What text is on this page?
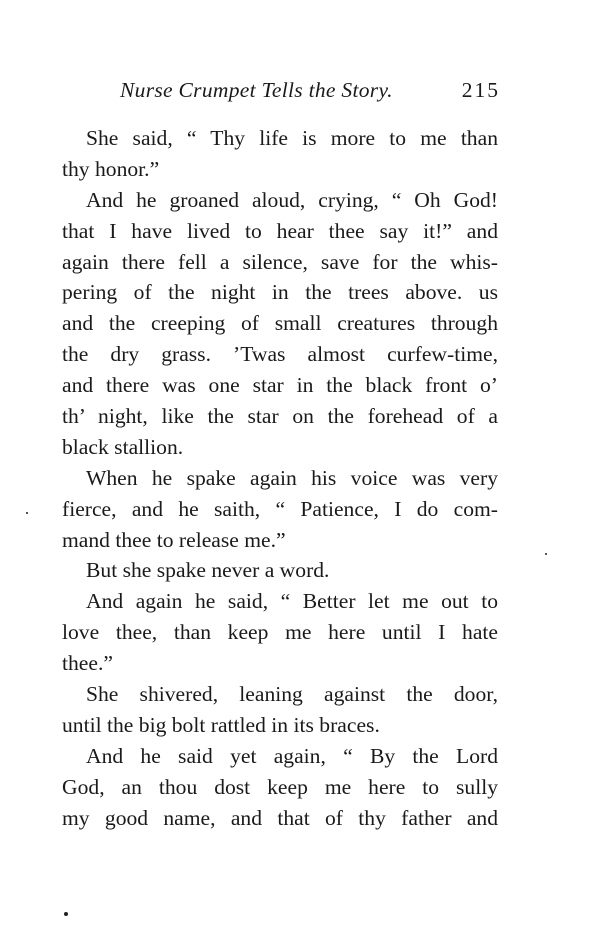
Nurse Crumpet Tells the Story.	215
She said, “ Thy life is more to me than
thy honor.”
And he groaned aloud, crying, “ Oh God!
that I have lived to hear thee say it!” and
again there fell a silence, save for the whis-
pering of the night in the trees above. us
and the creeping of small creatures through
the dry grass. ’Twas almost curfew-time,
and there was one star in the black front o’
th’ night, like the star on the forehead of a
black stallion.
When he spake again his voice was very
fierce, and he saith, “ Patience, I do com-
mand thee to release me.”
But she spake never a word.
And again he said, “ Better let me out to
love thee, than keep me here until I hate
thee.”
She shivered, leaning against the door,
until the big bolt rattled in its braces.
And he said yet again, “ By the Lord
God, an thou dost keep me here to sully
my good name, and that of thy father and
